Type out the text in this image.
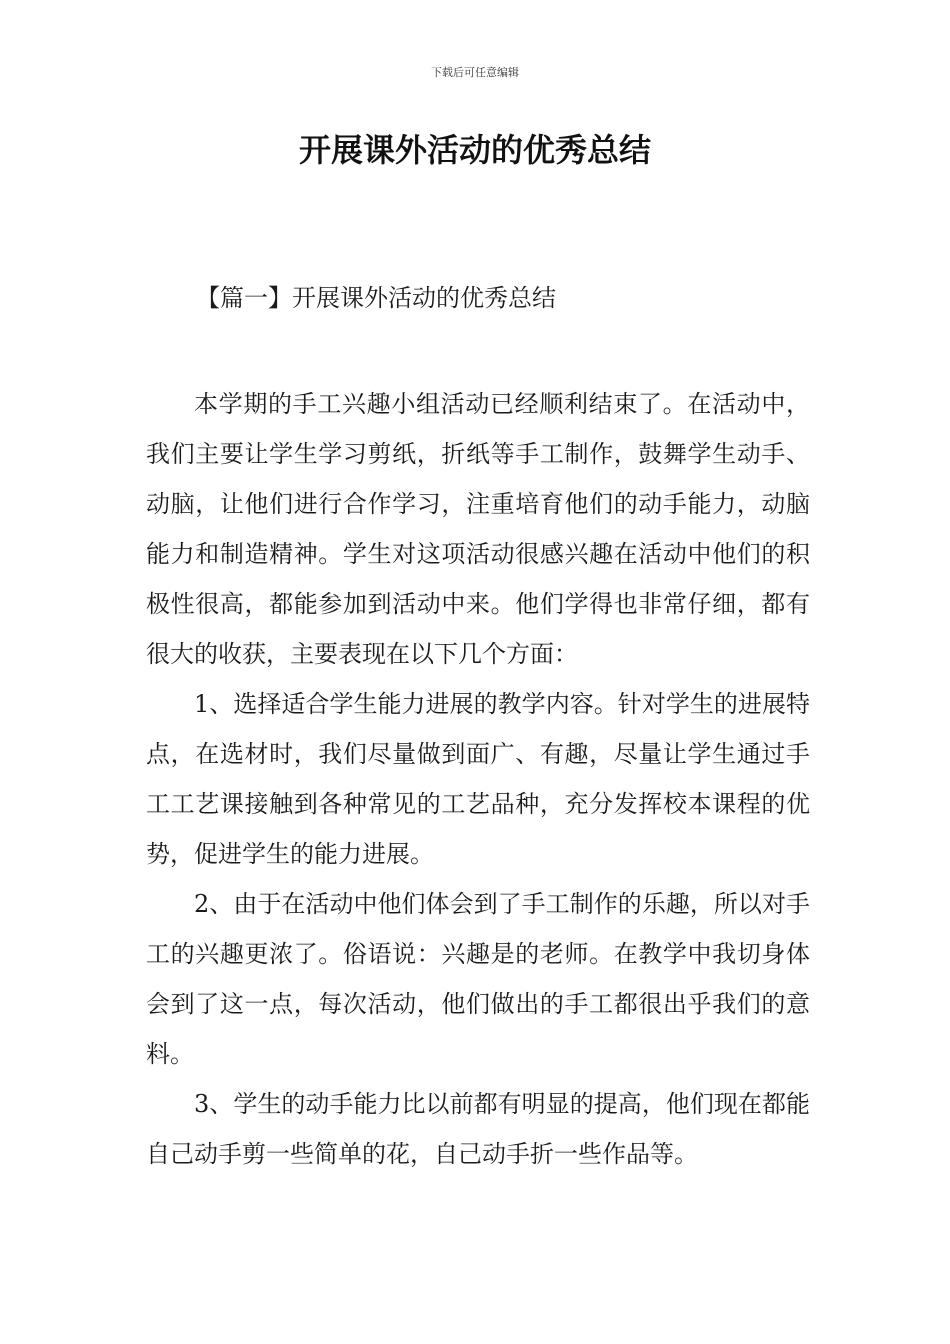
下载后可任意编辑
开展课外活动的优秀总结
【篇一】开展课外活动的优秀总结

本学期的手工兴趣小组活动已经顺利结束了。在活动中，我们主要让学生学习剪纸，折纸等手工制作，鼓舞学生动手、动脑，让他们进行合作学习，注重培育他们的动手能力，动脑能力和制造精神。学生对这项活动很感兴趣在活动中他们的积极性很高，都能参加到活动中来。他们学得也非常仔细，都有很大的收获，主要表现在以下几个方面：

1、选择适合学生能力进展的教学内容。针对学生的进展特点，在选材时，我们尽量做到面广、有趣，尽量让学生通过手工工艺课接触到各种常见的工艺品种，充分发挥校本课程的优势，促进学生的能力进展。

2、由于在活动中他们体会到了手工制作的乐趣，所以对手工的兴趣更浓了。俗语说：兴趣是的老师。在教学中我切身体会到了这一点，每次活动，他们做出的手工都很出乎我们的意料。

3、学生的动手能力比以前都有明显的提高，他们现在都能自己动手剪一些简单的花，自己动手折一些作品等。
